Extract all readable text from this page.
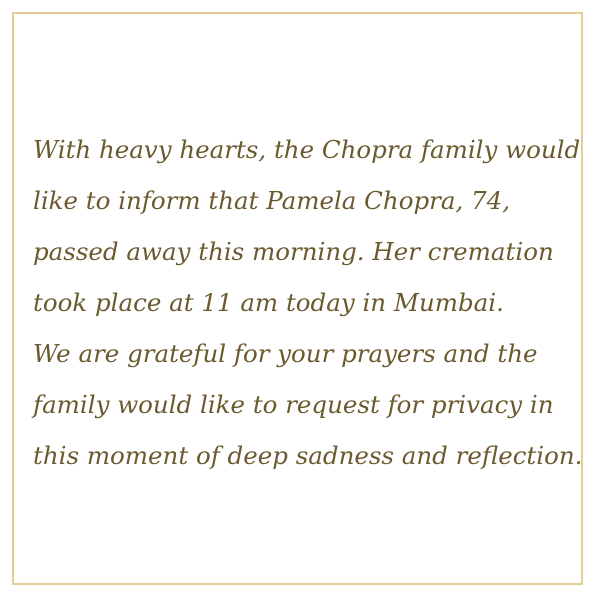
With heavy hearts, the Chopra family would
like to inform that Pamela Chopra, 74,
passed away this morning. Her cremation
took place at 11 am today in Mumbai.
We are grateful for your prayers and the
family would like to request for privacy in
this moment of deep sadness and reflection.
